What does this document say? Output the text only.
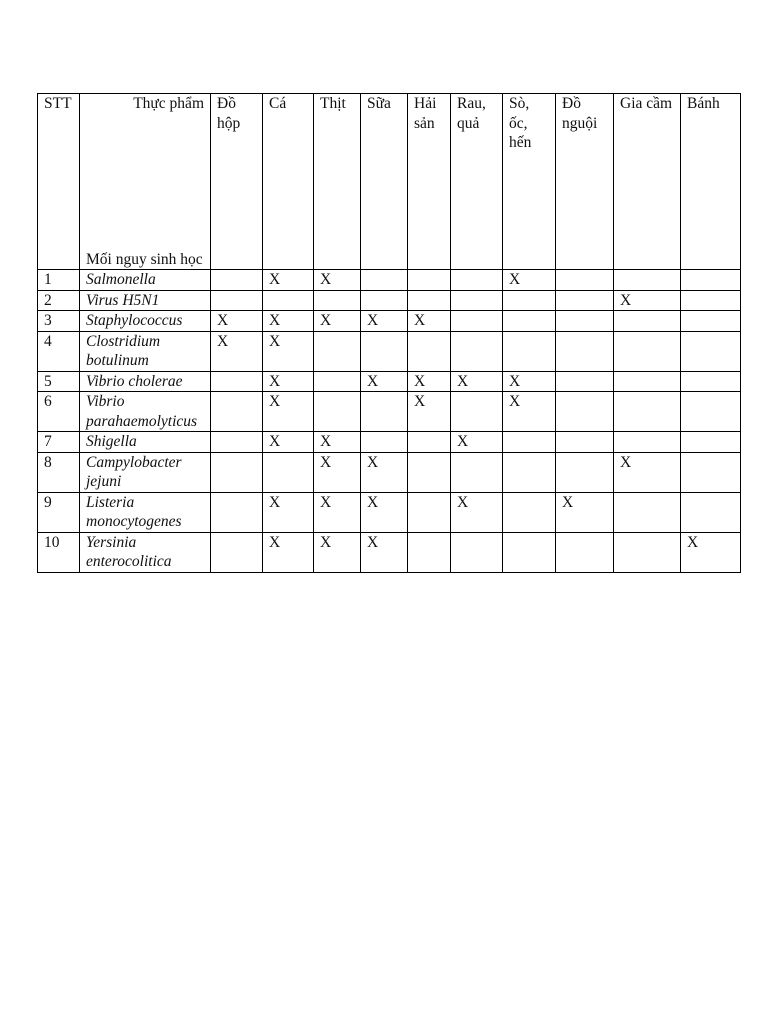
STT	Thực phẩm
Mối nguy sinh học	Đồ hộp	Cá	Thịt	Sữa	Hải sản	Rau, quả	Sò, ốc, hến	Đồ nguội	Gia cầm	Bánh
1	Salmonella		X	X				X			
2	Virus H5N1									X	
3	Staphylococcus	X	X	X	X	X					
4	Clostridium botulinum	X	X								
5	Vibrio cholerae		X		X	X	X	X			
6	Vibrio parahaemolyticus		X			X		X			
7	Shigella		X	X			X				
8	Campylobacter jejuni			X	X					X	
9	Listeria monocytogenes		X	X	X		X		X		
10	Yersinia enterocolitica		X	X	X						X
